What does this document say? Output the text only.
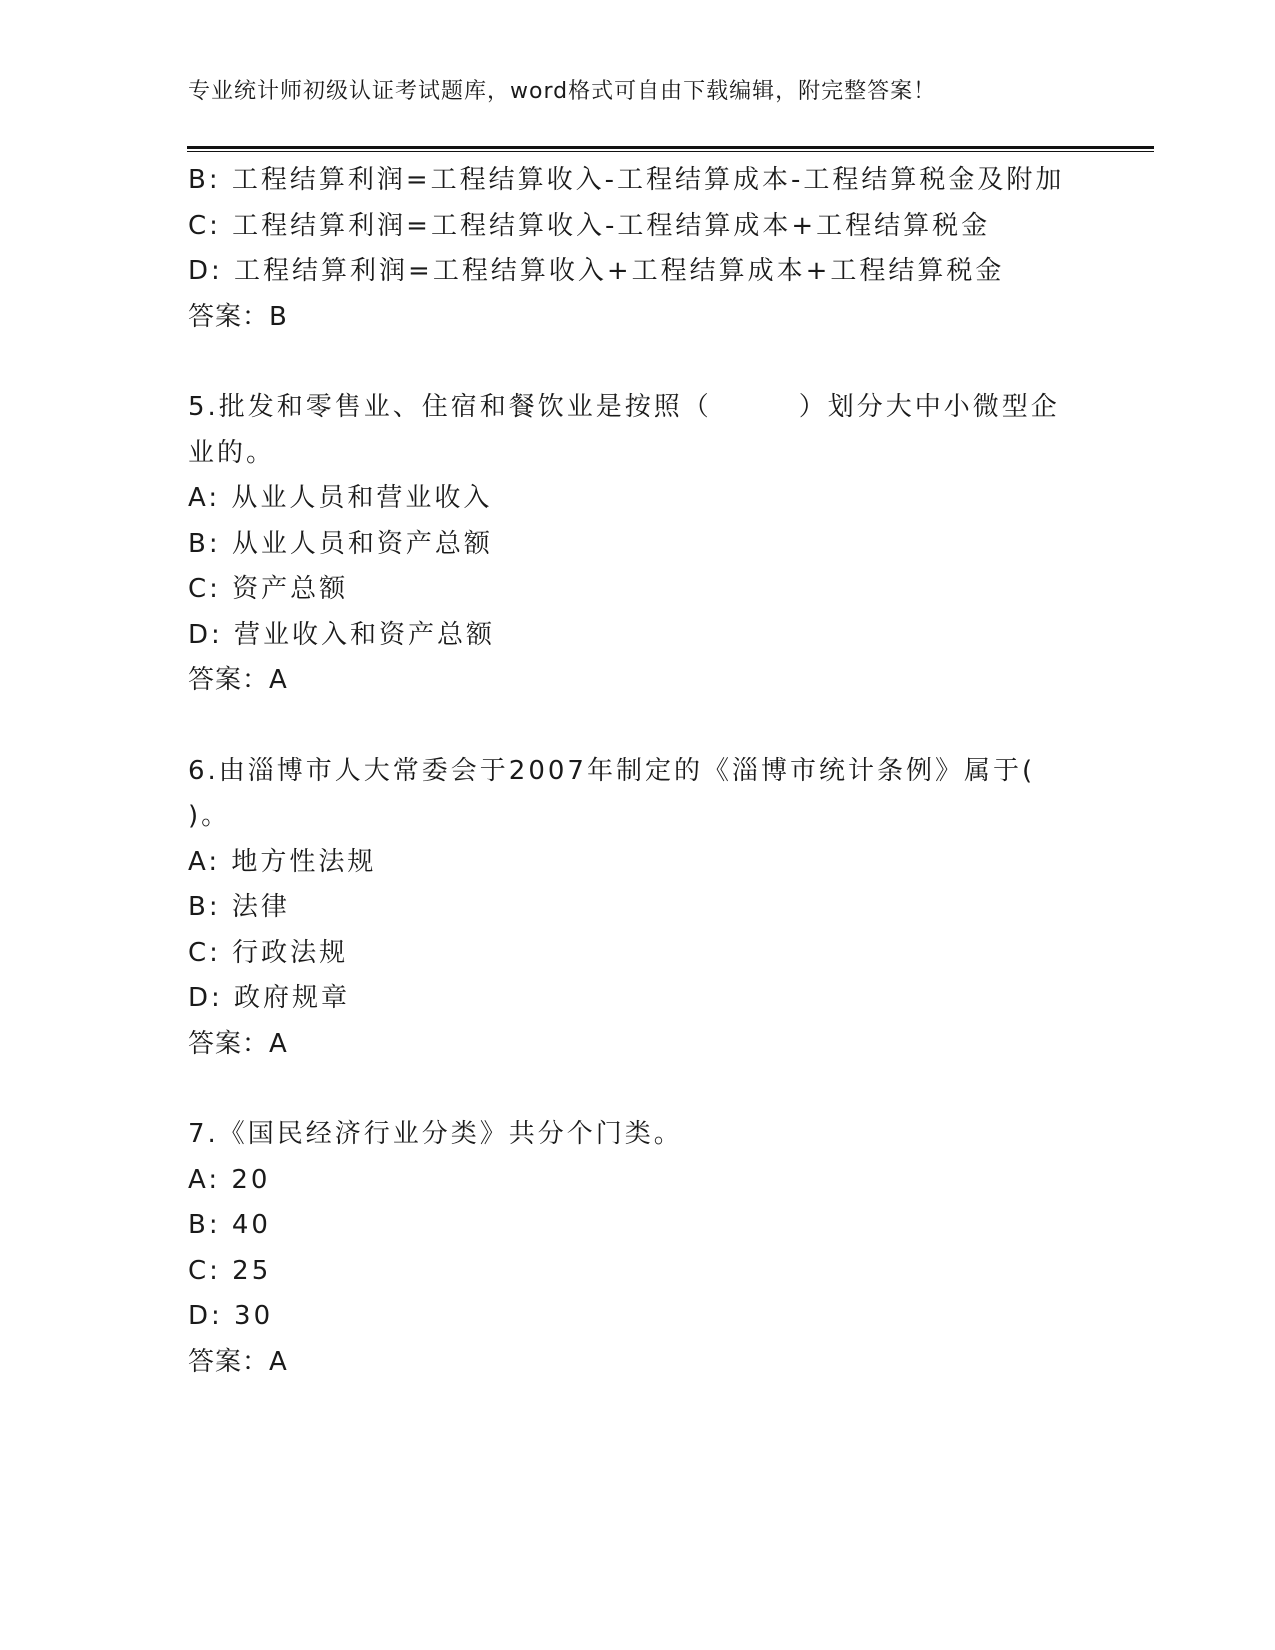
专业统计师初级认证考试题库，word格式可自由下载编辑，附完整答案！
B: 工程结算利润=工程结算收入-工程结算成本-工程结算税金及附加
C: 工程结算利润=工程结算收入-工程结算成本+工程结算税金
D: 工程结算利润=工程结算收入+工程结算成本+工程结算税金
答案：B
5.批发和零售业、住宿和餐饮业是按照（　　　）划分大中小微型企
业的。
A: 从业人员和营业收入
B: 从业人员和资产总额
C: 资产总额
D: 营业收入和资产总额
答案：A
6.由淄博市人大常委会于2007年制定的《淄博市统计条例》属于(
)。
A: 地方性法规
B: 法律
C: 行政法规
D: 政府规章
答案：A
7.《国民经济行业分类》共分个门类。
A: 20
B: 40
C: 25
D: 30
答案：A
